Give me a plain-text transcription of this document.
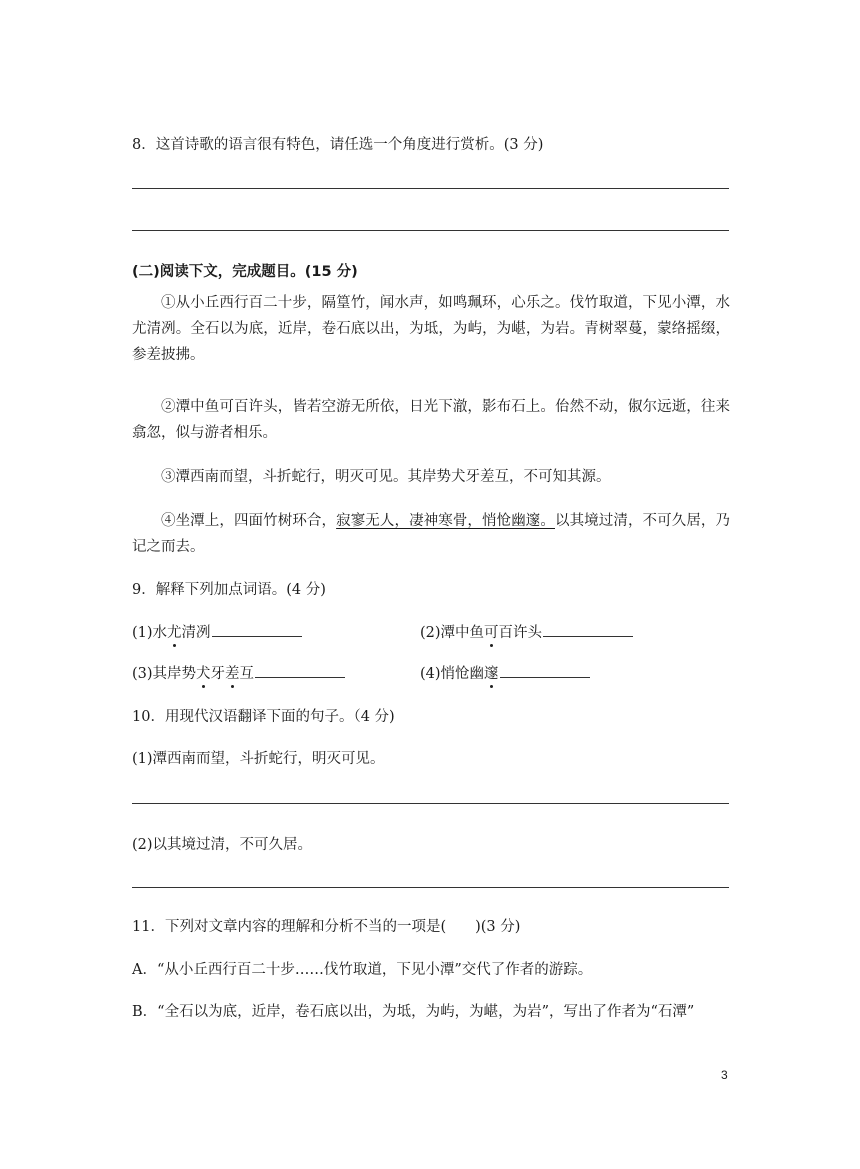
8．这首诗歌的语言很有特色，请任选一个角度进行赏析。(3 分)
(二)阅读下文，完成题目。(15 分)
①从小丘西行百二十步，隔篁竹，闻水声，如鸣珮环，心乐之。伐竹取道，下见小潭，水尤清冽。全石以为底，近岸，卷石底以出，为坻，为屿，为嵁，为岩。青树翠蔓，蒙络摇缀，参差披拂。
②潭中鱼可百许头，皆若空游无所依，日光下澈，影布石上。佁然不动，俶尔远逝，往来翕忽，似与游者相乐。
③潭西南而望，斗折蛇行，明灭可见。其岸势犬牙差互，不可知其源。
④坐潭上，四面竹树环合，寂寥无人，凄神寒骨，悄怆幽邃。以其境过清，不可久居，乃记之而去。
9．解释下列加点词语。(4 分)
(1)水尤清冽	(2)潭中鱼可百许头
(3)其岸势犬牙差互	(4)悄怆幽邃
10．用现代汉语翻译下面的句子。（4 分)
(1)潭西南而望，斗折蛇行，明灭可见。
(2)以其境过清，不可久居。
11．下列对文章内容的理解和分析不当的一项是(　　)(3 分)
A．“从小丘西行百二十步……伐竹取道，下见小潭”交代了作者的游踪。
B．“全石以为底，近岸，卷石底以出，为坻，为屿，为嵁，为岩”，写出了作者为“石潭”
3
